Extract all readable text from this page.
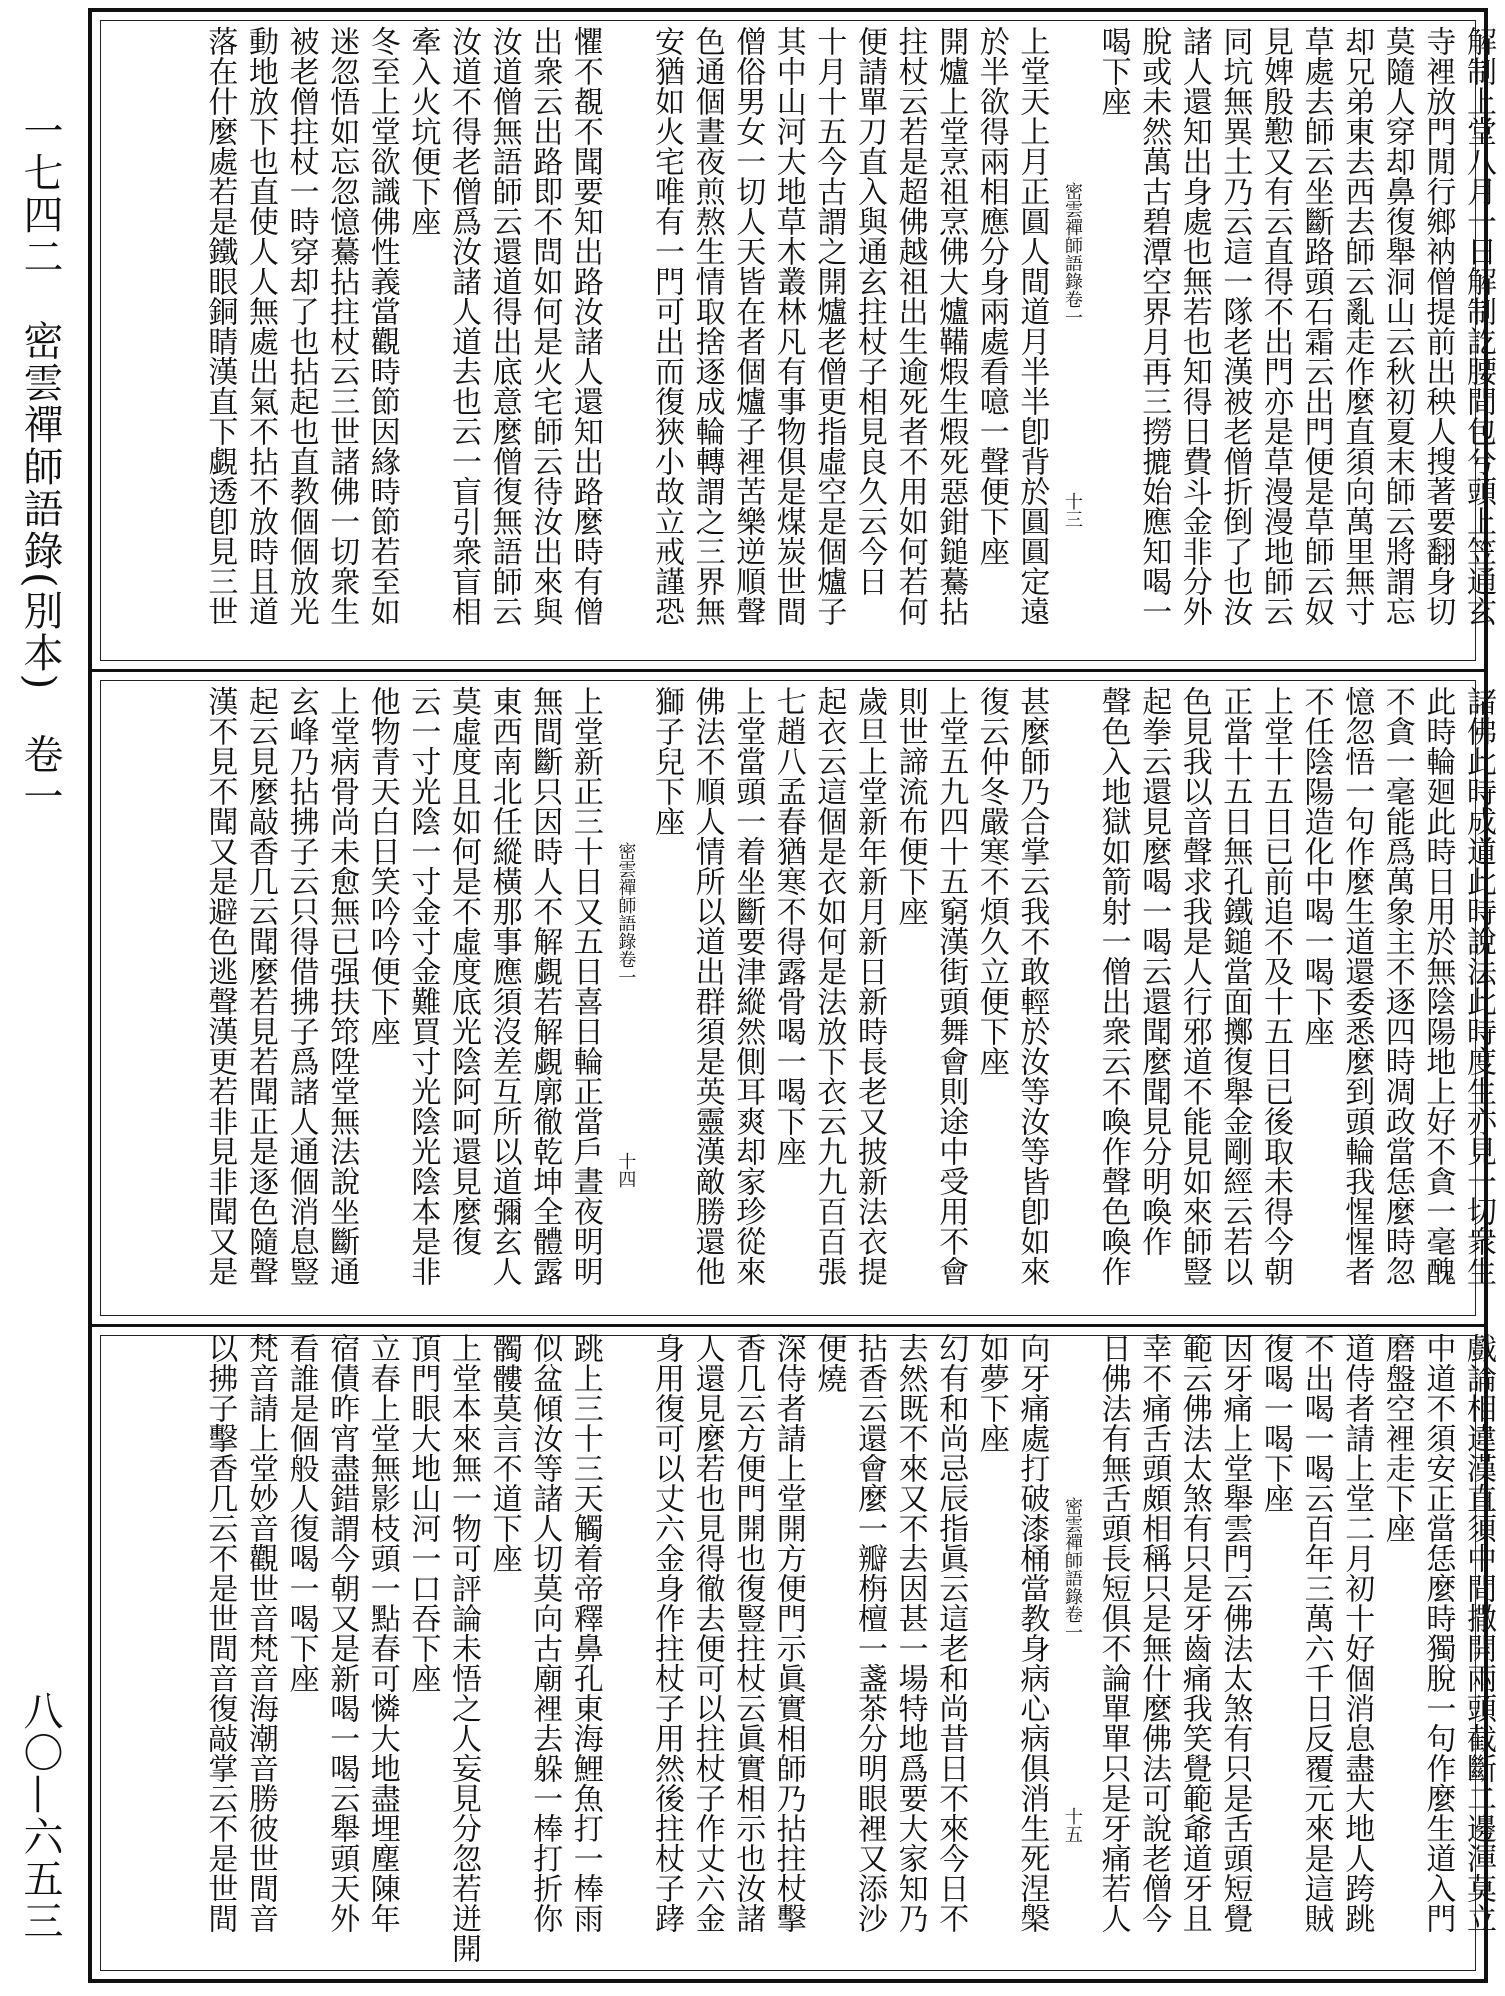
一七四二　密雲禪師語錄(別本)　卷一
八〇—六五三
解制上堂八月一日解制訖腰間包兮頭上笠通玄
寺裡放門閒行鄉衲僧提前出秧人搜著要翻身切
莫隨人穿却鼻復舉洞山云秋初夏末師云將謂忘
却兄弟東去西去師云亂走作麼直須向萬里無寸
草處去師云坐斷路頭石霜云出門便是草師云奴
見婢殷懃又有云直得不出門亦是草漫漫地師云
同坑無異土乃云這一隊老漢被老僧折倒了也汝
諸人還知出身處也無若也知得日費斗金非分外
脫或未然萬古碧潭空界月再三撈摝始應知喝一
喝下座
密雲禪師語錄卷一
十三
上堂天上月正圓人間道月半半卽背於圓圓定遠
於半欲得兩相應分身兩處看噫一聲便下座
開爐上堂烹祖烹佛大爐鞴煆生煆死惡鉗鎚驀拈
拄杖云若是超佛越祖出生逾死者不用如何若何
便請單刀直入與通玄拄杖子相見良久云今日
十月十五今古謂之開爐老僧更指虛空是個爐子
其中山河大地草木叢林凡有事物俱是煤炭世間
僧俗男女一切人天皆在者個爐子裡苦樂逆順聲
色通個晝夜煎熬生情取捨逐成輪轉謂之三界無
安猶如火宅唯有一門可出而復狹小故立戒謹恐
懼不覩不聞要知出路汝諸人還知出路麼時有僧
出衆云出路即不問如何是火宅師云待汝出來與
汝道僧無語師云還道得出底意麼僧復無語師云
汝道不得老僧爲汝諸人道去也云一盲引衆盲相
牽入火坑便下座
冬至上堂欲識佛性義當觀時節因緣時節若至如
迷忽悟如忘忽憶驀拈拄杖云三世諸佛一切衆生
被老僧拄杖一時穿却了也拈起也直教個個放光
動地放下也直使人人無處出氣不拈不放時且道
落在什麼處若是鐵眼銅睛漢直下覷透卽見三世
諸佛此時成道此時說法此時度生亦見一切衆生
此時輪廻此時日用於無陰陽地上好不貪一毫醜
不貪一毫能爲萬象主不逐四時凋政當恁麼時忽
憶忽悟一句作麼生道還委悉麼到頭輪我惺惺者
不任陰陽造化中喝一喝下座
上堂十五日已前追不及十五日已後取未得今朝
正當十五日無孔鐵鎚當面擲復舉金剛經云若以
色見我以音聲求我是人行邪道不能見如來師豎
起拳云還見麼喝一喝云還聞麼聞見分明喚作
聲色入地獄如箭射一僧出衆云不喚作聲色喚作
甚麼師乃合掌云我不敢輕於汝等汝等皆卽如來
復云仲冬嚴寒不煩久立便下座
上堂五九四十五窮漢街頭舞會則途中受用不會
則世諦流布便下座
歲旦上堂新年新月新日新時長老又披新法衣提
起衣云這個是衣如何是法放下衣云九九百百張
七趙八孟春猶寒不得露骨喝一喝下座
上堂當頭一着坐斷要津縱然側耳爽却家珍從來
佛法不順人情所以道出群須是英靈漢敵勝還他
獅子兒下座
密雲禪師語錄卷一
十四
上堂新正三十日又五日喜日輪正當戶晝夜明明
無間斷只因時人不解覷若解覷廓徹乾坤全體露
東西南北任縱橫那事應須沒差互所以道彌玄人
莫虛度且如何是不虛度底光陰阿呵還見麼復
云一寸光陰一寸金寸金難買寸光陰光陰本是非
他物青天白日笑吟吟便下座
上堂病骨尚未愈無已强扶筇陞堂無法說坐斷通
玄峰乃拈拂子云只得借拂子爲諸人通個消息豎
起云見麼敲香几云聞麼若見若聞正是逐色隨聲
漢不見不聞又是避色逃聲漢更若非見非聞又是
戲論相違漢直須中間撒開兩頭截斷二邊渾莫立
中道不須安正當恁麼時獨脫一句作麼生道入門
磨盤空裡走下座
道侍者請上堂二月初十好個消息盡大地人跨跳
不出喝一喝云百年三萬六千日反覆元來是這賊
復喝一喝下座
因牙痛上堂舉雲門云佛法太煞有只是舌頭短覺
範云佛法太煞有只是牙齒痛我笑覺範爺道牙且
幸不痛舌頭頗相稱只是無什麼佛法可說老僧今
日佛法有無舌頭長短俱不論單單只是牙痛若人
密雲禪師語錄卷一
十五
向牙痛處打破漆桶當教身病心病俱消生死涅槃
如夢下座
幻有和尚忌辰指眞云這老和尚昔日不來今日不
去然既不來又不去因甚一場特地爲要大家知乃
拈香云還會麼一瓣栴檀一盞茶分明眼裡又添沙
便燒
深侍者請上堂開方便門示眞實相師乃拈拄杖擊
香几云方便門開也復豎拄杖云眞實相示也汝諸
人還見麼若也見得徹去便可以拄杖子作丈六金
身用復可以丈六金身作拄杖子用然後拄杖子踍
跳上三十三天觸着帝釋鼻孔東海鯉魚打一棒雨
似盆傾汝等諸人切莫向古廟裡去躲一棒打折你
髑髏莫言不道下座
上堂本來無一物可評論未悟之人妄見分忽若迸開
頂門眼大地山河一口吞下座
立春上堂無影枝頭一點春可憐大地盡埋塵陳年
宿債昨宵盡錯謂今朝又是新喝一喝云舉頭天外
看誰是個般人復喝一喝下座
梵音請上堂妙音觀世音梵音海潮音勝彼世間音
以拂子擊香几云不是世間音復敲掌云不是世間
